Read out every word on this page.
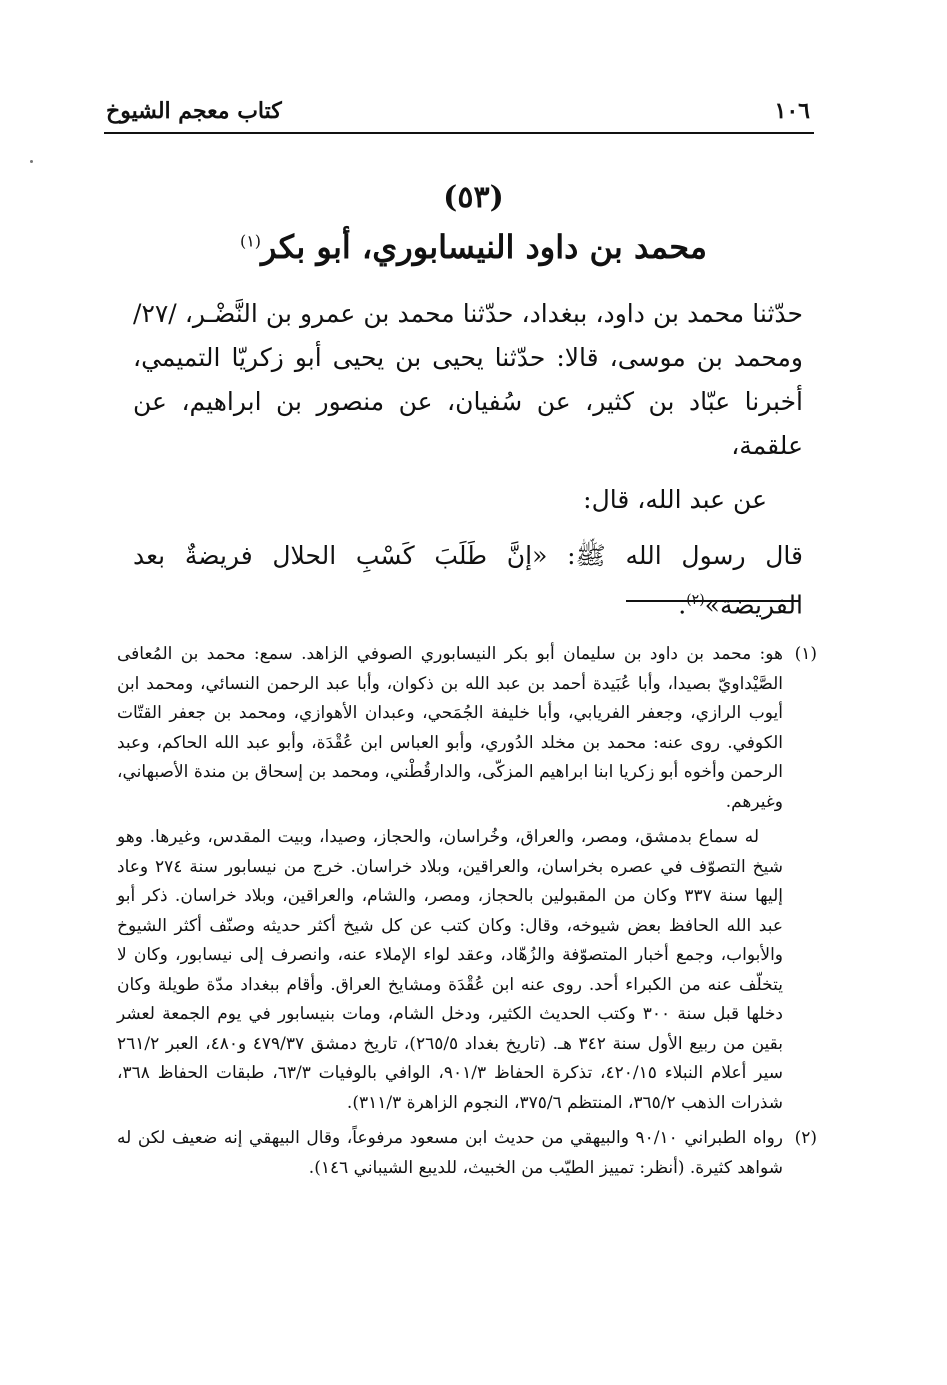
١٠٦
كتاب معجم الشيوخ
(٥٣)
محمد بن داود النيسابوري، أبو بكر$^{(١)}$

حدّثنا محمد بن داود، ببغداد، حدّثنا محمد بن عمرو بن النَّضْـر، /٢٧/ ومحمد بن موسى، قالا: حدّثنا يحيى بن يحيى أبو زكريّا التميمي، أخبرنا عبّاد بن كثير، عن سُفيان، عن منصور بن ابراهيم، عن علقمة،

عن عبد الله، قال:

قال رسول الله ﷺ: «إنَّ طَلَبَ كَسْبِ الحلال فريضةٌ بعد الفريضة»$^{(٢)}$.

(١)

هو: محمد بن داود بن سليمان أبو بكر النيسابوري الصوفي الزاهد. سمع: محمد بن المُعافى الصَّيْداويّ بصيدا، وأبا عُبَيدة أحمد بن عبد الله بن ذكوان، وأبا عبد الرحمن النسائي، ومحمد ابن أيوب الرازي، وجعفر الفريابي، وأبا خليفة الجُمَحي، وعبدان الأهوازي، ومحمد بن جعفر القتّات الكوفي. روى عنه: محمد بن مخلد الدُوري، وأبو العباس ابن عُقْدَة، وأبو عبد الله الحاكم، وعبد الرحمن وأخوه أبو زكريا ابنا ابراهيم المزكّى، والدارقُطْني، ومحمد بن إسحاق بن مندة الأصبهاني، وغيرهم.

له سماع بدمشق، ومصر، والعراق، وخُراسان، والحجاز، وصيدا، وبيت المقدس، وغيرها. وهو شيخ التصوّف في عصره بخراسان، والعراقين، وبلاد خراسان. خرج من نيسابور سنة ٢٧٤ وعاد إليها سنة ٣٣٧ وكان من المقبولين بالحجاز، ومصر، والشام، والعراقين، وبلاد خراسان. ذكر أبو عبد الله الحافظ بعض شيوخه، وقال: وكان كتب عن كل شيخ أكثر حديثه وصنّف أكثر الشيوخ والأبواب، وجمع أخبار المتصوّفة والزُهّاد، وعقد لواء الإملاء عنه، وانصرف إلى نيسابور، وكان لا يتخلّف عنه من الكبراء أحد. روى عنه ابن عُقْدَة ومشايخ العراق. وأقام ببغداد مدّة طويلة وكان دخلها قبل سنة ٣٠٠ وكتب الحديث الكثير، ودخل الشام، ومات بنيسابور في يوم الجمعة لعشر بقين من ربيع الأول سنة ٣٤٢ هـ. (تاريخ بغداد ٢٦٥/٥)، تاريخ دمشق ٤٧٩/٣٧ و٤٨٠، العبر ٢٦١/٢ سير أعلام النبلاء ٤٢٠/١٥، تذكرة الحفاظ ٩٠١/٣، الوافي بالوفيات ٦٣/٣، طبقات الحفاظ ٣٦٨، شذرات الذهب ٣٦٥/٢، المنتظم ٣٧٥/٦، النجوم الزاهرة ٣١١/٣).

(٢)

رواه الطبراني ٩٠/١٠ والبيهقي من حديث ابن مسعود مرفوعاً، وقال البيهقي إنه ضعيف لكن له شواهد كثيرة. (أنظر: تمييز الطيّب من الخبيث، للديبع الشيباني ١٤٦).
